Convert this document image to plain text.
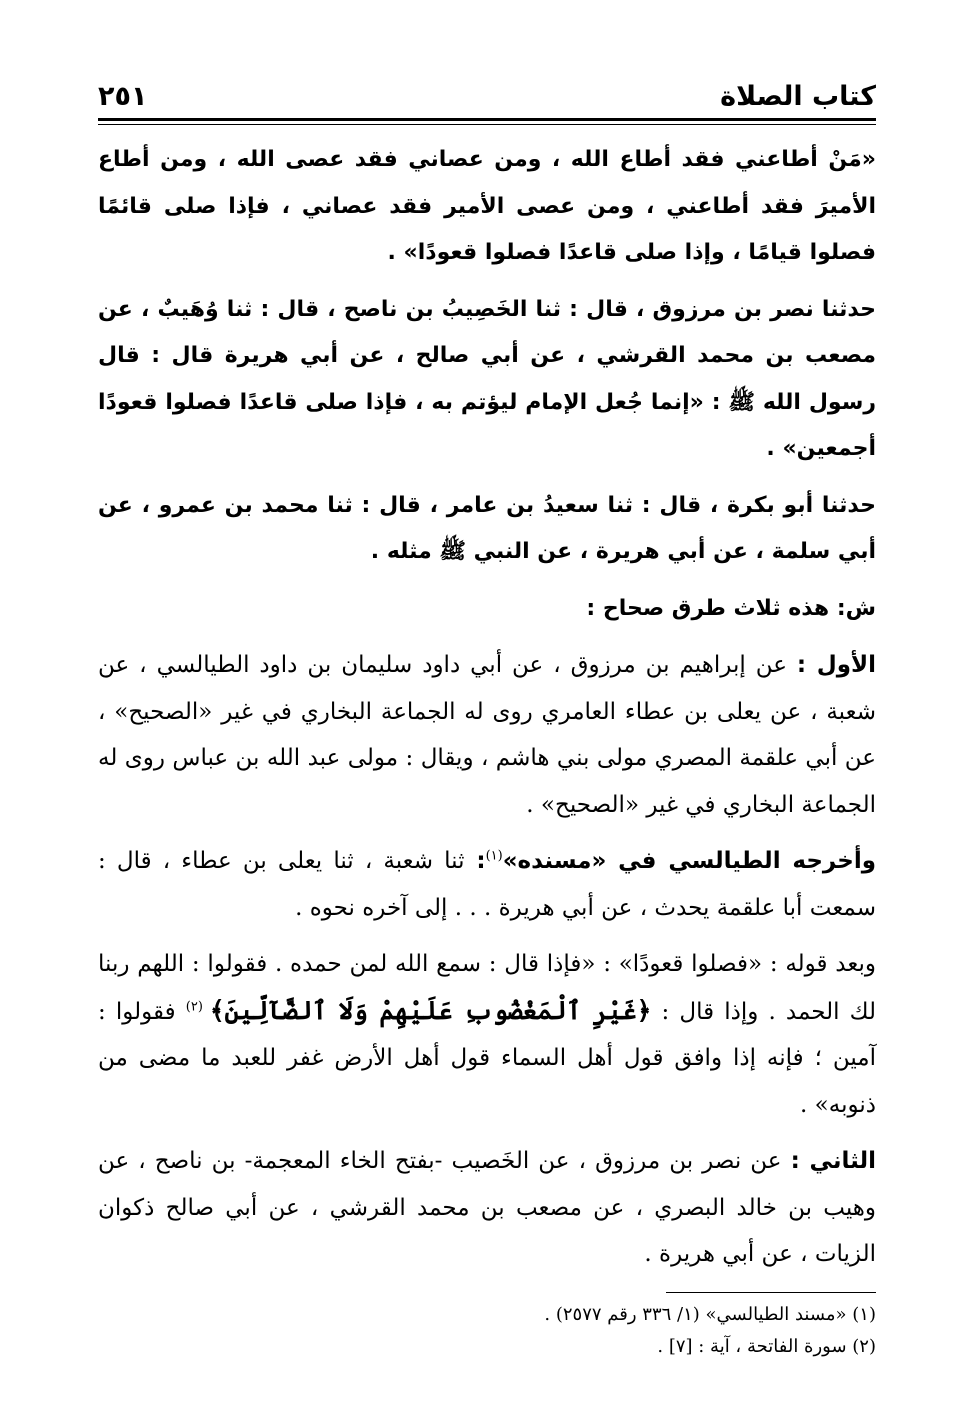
كتاب الصلاة
٢٥١

«مَنْ أطاعني فقد أطاع الله ، ومن عصاني فقد عصى الله ، ومن أطاع الأميرَ فقد أطاعني ، ومن عصى الأمير فقد عصاني ، فإذا صلى قائمًا فصلوا قيامًا ، وإذا صلى قاعدًا فصلوا قعودًا» .

حدثنا نصر بن مرزوق ، قال : ثنا الخَصِيبُ بن ناصح ، قال : ثنا وُهَيبٌ ، عن مصعب بن محمد القرشي ، عن أبي صالح ، عن أبي هريرة قال : قال رسول الله ﷺ : «إنما جُعل الإمام ليؤتم به ، فإذا صلى قاعدًا فصلوا قعودًا أجمعين» .

حدثنا أبو بكرة ، قال : ثنا سعيدُ بن عامر ، قال : ثنا محمد بن عمرو ، عن أبي سلمة ، عن أبي هريرة ، عن النبي ﷺ مثله .

ش: هذه ثلاث طرق صحاح :

الأول : عن إبراهيم بن مرزوق ، عن أبي داود سليمان بن داود الطيالسي ، عن شعبة ، عن يعلى بن عطاء العامري روى له الجماعة البخاري في غير «الصحيح» ، عن أبي علقمة المصري مولى بني هاشم ، ويقال : مولى عبد الله بن عباس روى له الجماعة البخاري في غير «الصحيح» .

وأخرجه الطيالسي في «مسنده»$^{(١)}$: ثنا شعبة ، ثنا يعلى بن عطاء ، قال : سمعت أبا علقمة يحدث ، عن أبي هريرة . . . إلى آخره نحوه .

وبعد قوله : «فصلوا قعودًا» : «فإذا قال : سمع الله لمن حمده . فقولوا : اللهم ربنا لك الحمد . وإذا قال : ﴿غَيْرِ ٱلْمَغْضُوبِ عَلَيْهِمْ وَلَا ٱلضَّآلِّينَ﴾ $^{(٢)}$ فقولوا : آمين ؛ فإنه إذا وافق قول أهل السماء قول أهل الأرض غفر للعبد ما مضى من ذنوبه» .

الثاني : عن نصر بن مرزوق ، عن الخَصيب -بفتح الخاء المعجمة- بن ناصح ، عن وهيب بن خالد البصري ، عن مصعب بن محمد القرشي ، عن أبي صالح ذكوان الزيات ، عن أبي هريرة .

(١) «مسند الطيالسي» (١/ ٣٣٦ رقم ٢٥٧٧) .

(٢) سورة الفاتحة ، آية : [٧] .
